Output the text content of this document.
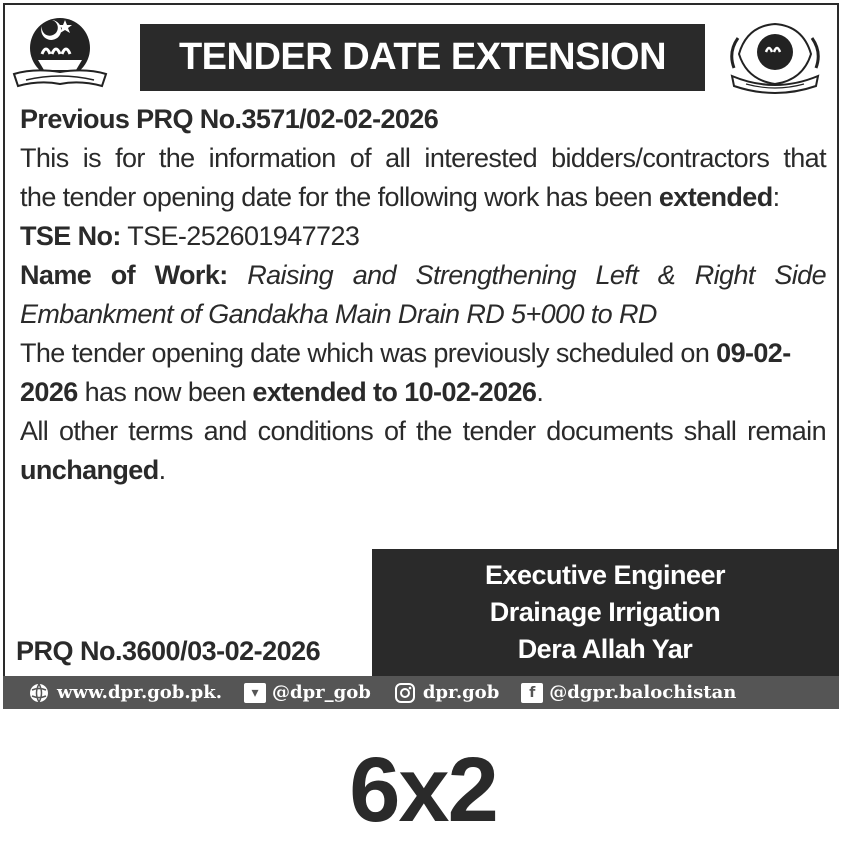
TENDER DATE EXTENSION

Previous PRQ No.3571/02-02-2026

This is for the information of all interested bidders/contractors that

the tender opening date for the following work has been extended:

TSE No: TSE-252601947723

Name of Work: Raising and Strengthening Left & Right Side

Embankment of Gandakha Main Drain RD 5+000 to RD

The tender opening date which was previously scheduled on 09-02-

2026 has now been extended to 10-02-2026.

All other terms and conditions of the tender documents shall remain

unchanged.

Executive Engineer
Drainage Irrigation
Dera Allah Yar
PRQ No.3600/03-02-2026
www.dpr.gob.pk.	▾ @dpr_gob	dpr.gob	f @dgpr.balochistan
6x2
